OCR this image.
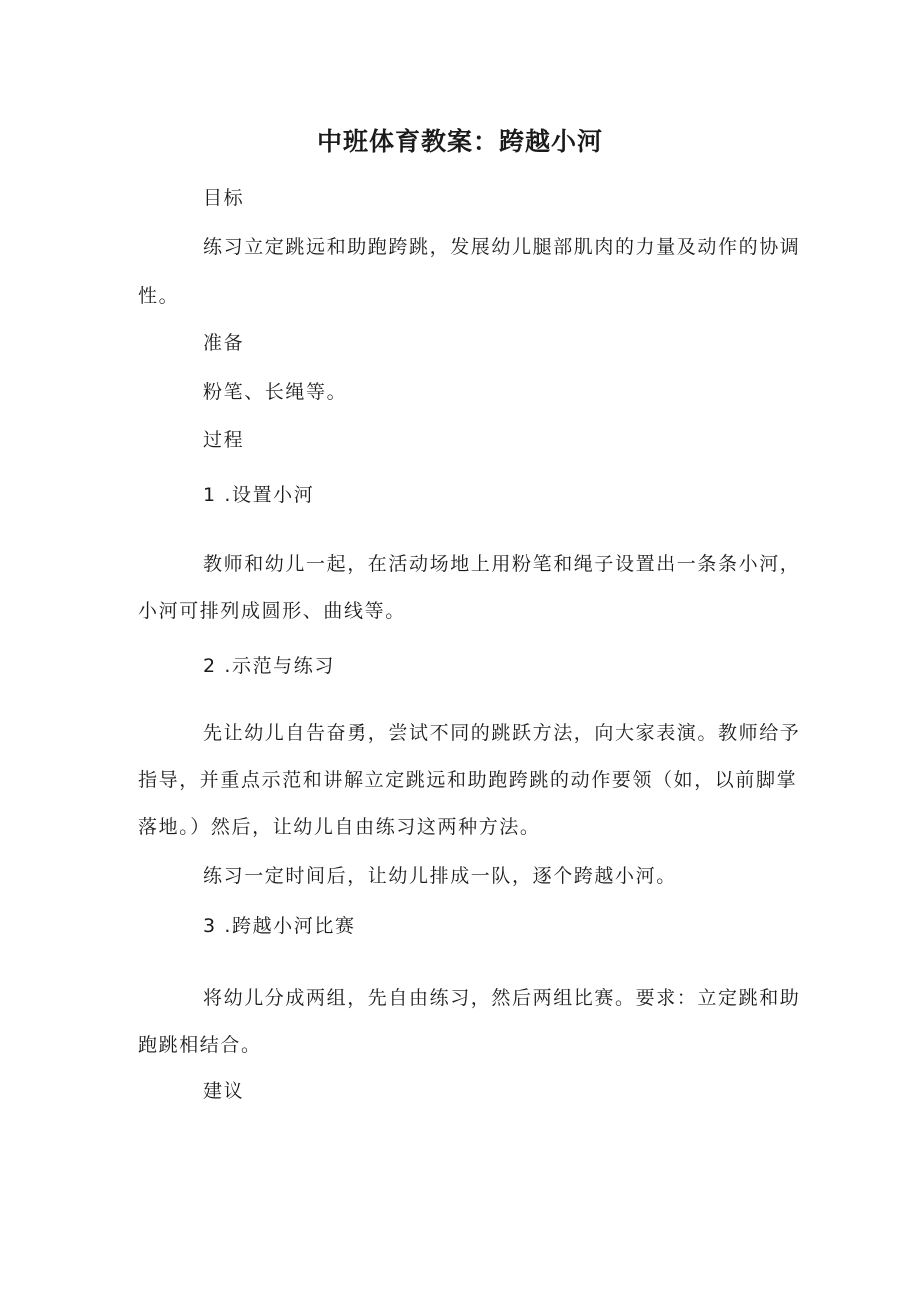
中班体育教案：跨越小河

目标

练习立定跳远和助跑跨跳，发展幼儿腿部肌肉的力量及动作的协调

性。

准备

粉笔、长绳等。

过程

1 .设置小河

教师和幼儿一起，在活动场地上用粉笔和绳子设置出一条条小河，

小河可排列成圆形、曲线等。

2 .示范与练习

先让幼儿自告奋勇，尝试不同的跳跃方法，向大家表演。教师给予

指导，并重点示范和讲解立定跳远和助跑跨跳的动作要领（如，以前脚掌

落地。）然后，让幼儿自由练习这两种方法。

练习一定时间后，让幼儿排成一队，逐个跨越小河。

3 .跨越小河比赛

将幼儿分成两组，先自由练习，然后两组比赛。要求：立定跳和助

跑跳相结合。

建议
